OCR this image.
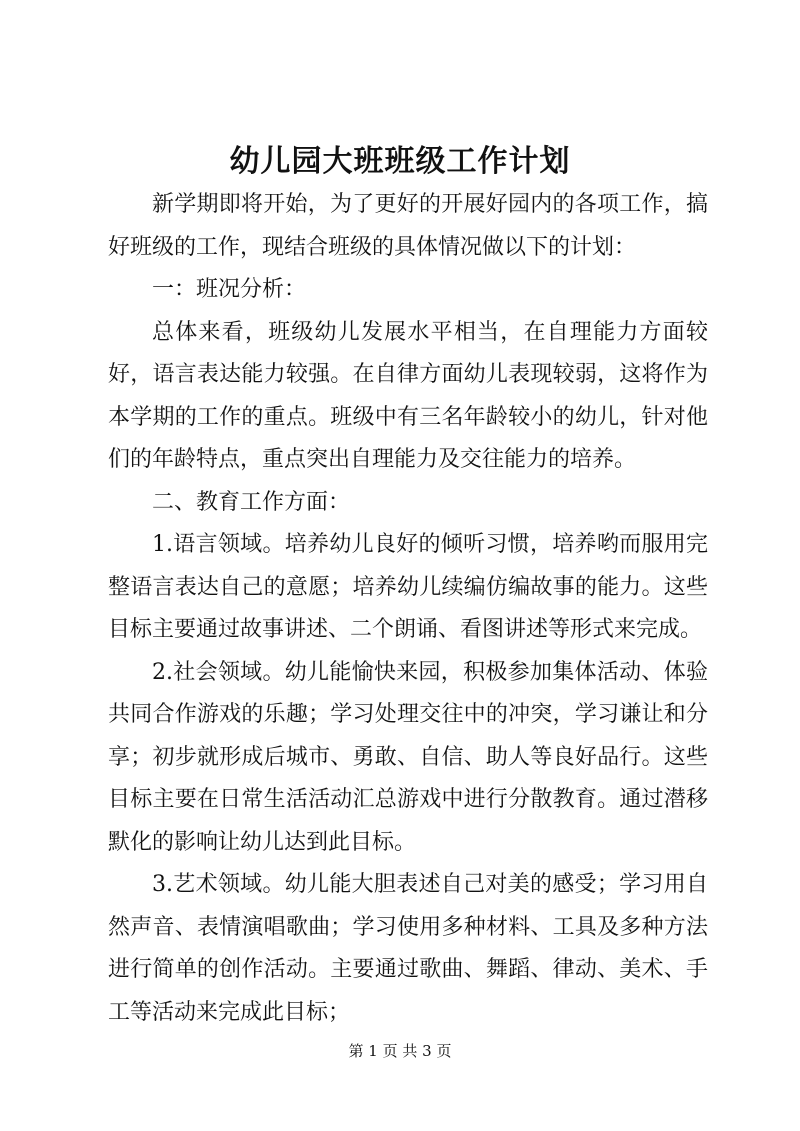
幼儿园大班班级工作计划

新学期即将开始，为了更好的开展好园内的各项工作，搞好班级的工作，现结合班级的具体情况做以下的计划：

一：班况分析：

总体来看，班级幼儿发展水平相当，在自理能力方面较好，语言表达能力较强。在自律方面幼儿表现较弱，这将作为本学期的工作的重点。班级中有三名年龄较小的幼儿，针对他们的年龄特点，重点突出自理能力及交往能力的培养。

二、教育工作方面：

1.语言领域。培养幼儿良好的倾听习惯，培养哟而服用完整语言表达自己的意愿；培养幼儿续编仿编故事的能力。这些目标主要通过故事讲述、二个朗诵、看图讲述等形式来完成。

2.社会领域。幼儿能愉快来园，积极参加集体活动、体验共同合作游戏的乐趣；学习处理交往中的冲突，学习谦让和分享；初步就形成后城市、勇敢、自信、助人等良好品行。这些目标主要在日常生活活动汇总游戏中进行分散教育。通过潜移默化的影响让幼儿达到此目标。

3.艺术领域。幼儿能大胆表述自己对美的感受；学习用自然声音、表情演唱歌曲；学习使用多种材料、工具及多种方法进行简单的创作活动。主要通过歌曲、舞蹈、律动、美术、手工等活动来完成此目标；

第 1 页 共 3 页
